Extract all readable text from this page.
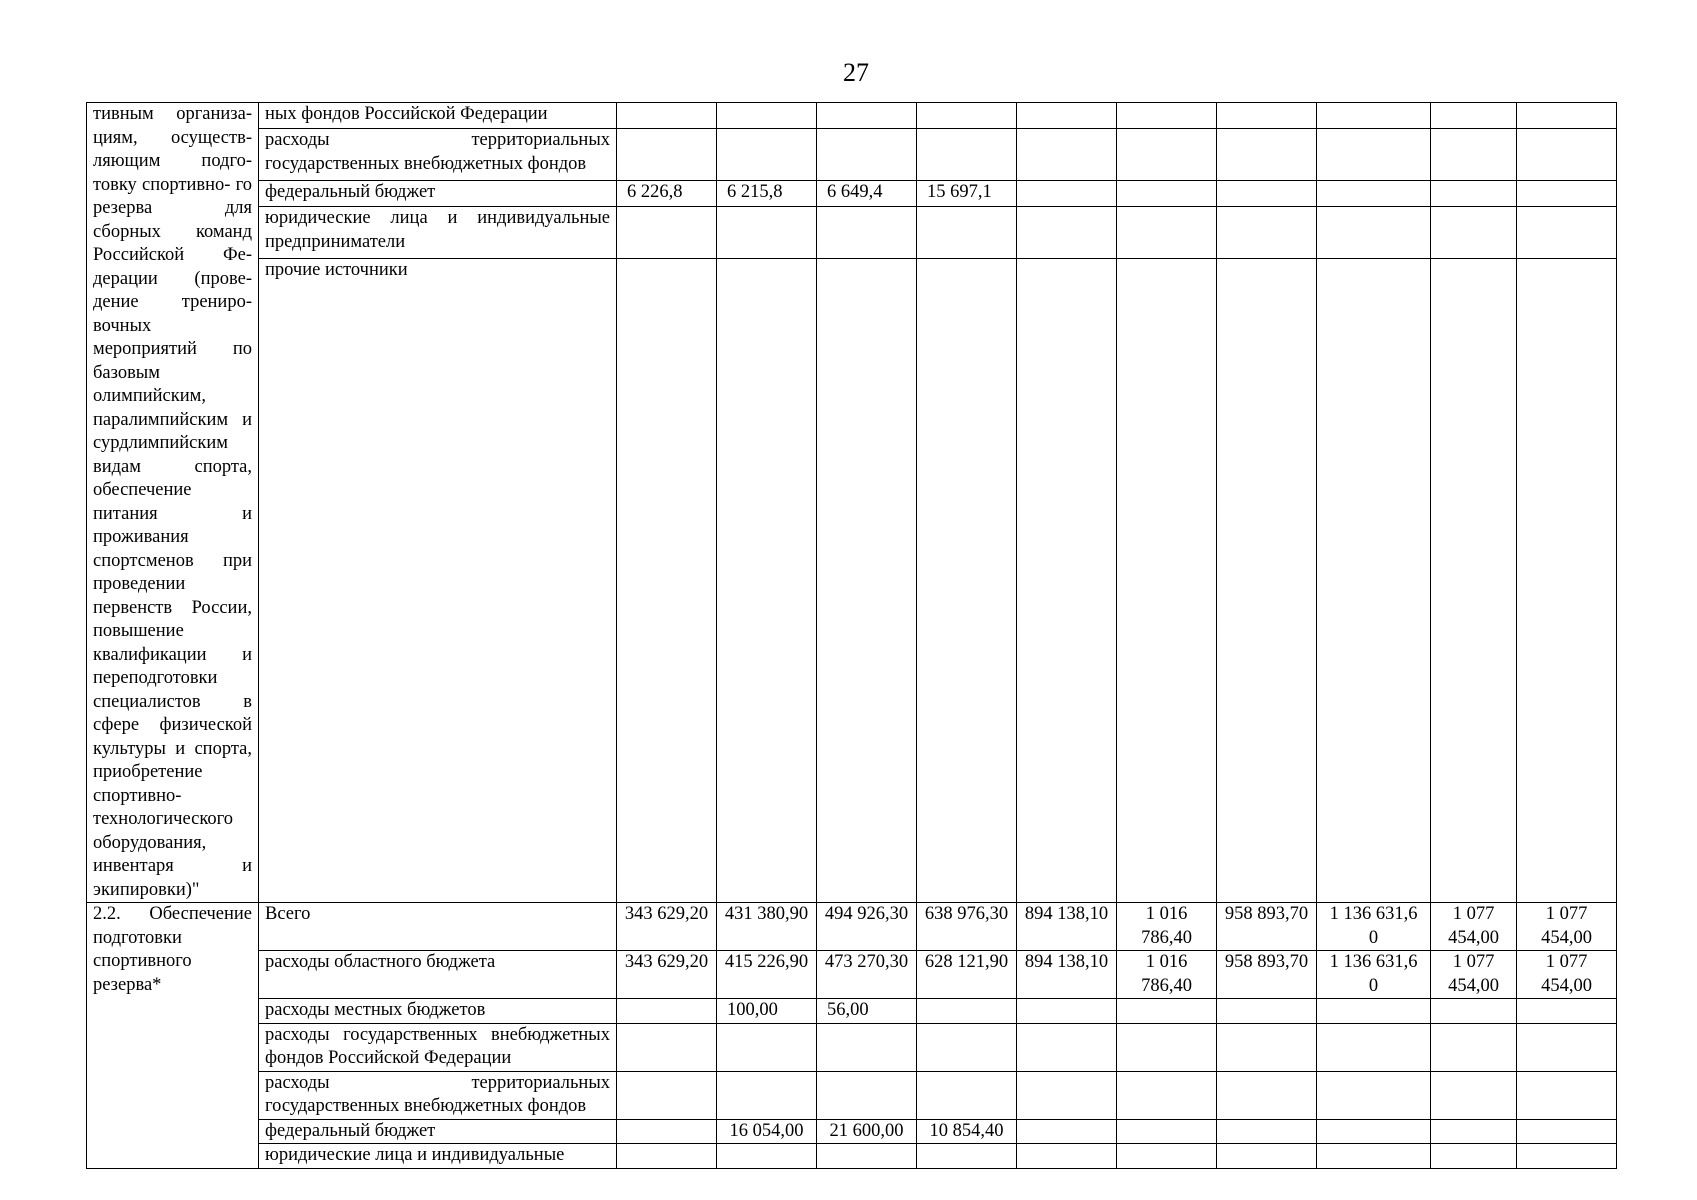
27
тивным организа- циям, осуществ- ляющим подго- товку спортивно- го резерва для сборных команд Российской Фе- дерации (прове- дение трениро- вочных мероприятий по базовым олимпийским, паралимпийским и сурдлимпийским видам спорта, обеспечение питания и проживания спортсменов при проведении первенств России, повышение квалификации и переподготовки специалистов в сфере физической культуры и спорта, приобретение спортивно-технологического оборудования, инвентаря и экипировки)"	ных фондов Российской Федерации										
	расходы территориальных государственных внебюджетных фондов										
	федеральный бюджет	6 226,8	6 215,8	6 649,4	15 697,1						
	юридические лица и индивидуальные предприниматели										
	прочие источники										
2.2. Обеспечение подготовки спортивного резерва*	Всего	343 629,20	431 380,90	494 926,30	638 976,30	894 138,10	1 016 786,40	958 893,70	1 136 631,6 0	1 077 454,00	1 077 454,00
	расходы областного бюджета	343 629,20	415 226,90	473 270,30	628 121,90	894 138,10	1 016 786,40	958 893,70	1 136 631,6 0	1 077 454,00	1 077 454,00
	расходы местных бюджетов		100,00	56,00							
	расходы государственных внебюджетных фондов Российской Федерации										
	расходы территориальных государственных внебюджетных фондов										
	федеральный бюджет		16 054,00	21 600,00	10 854,40						
	юридические лица и индивидуальные										
